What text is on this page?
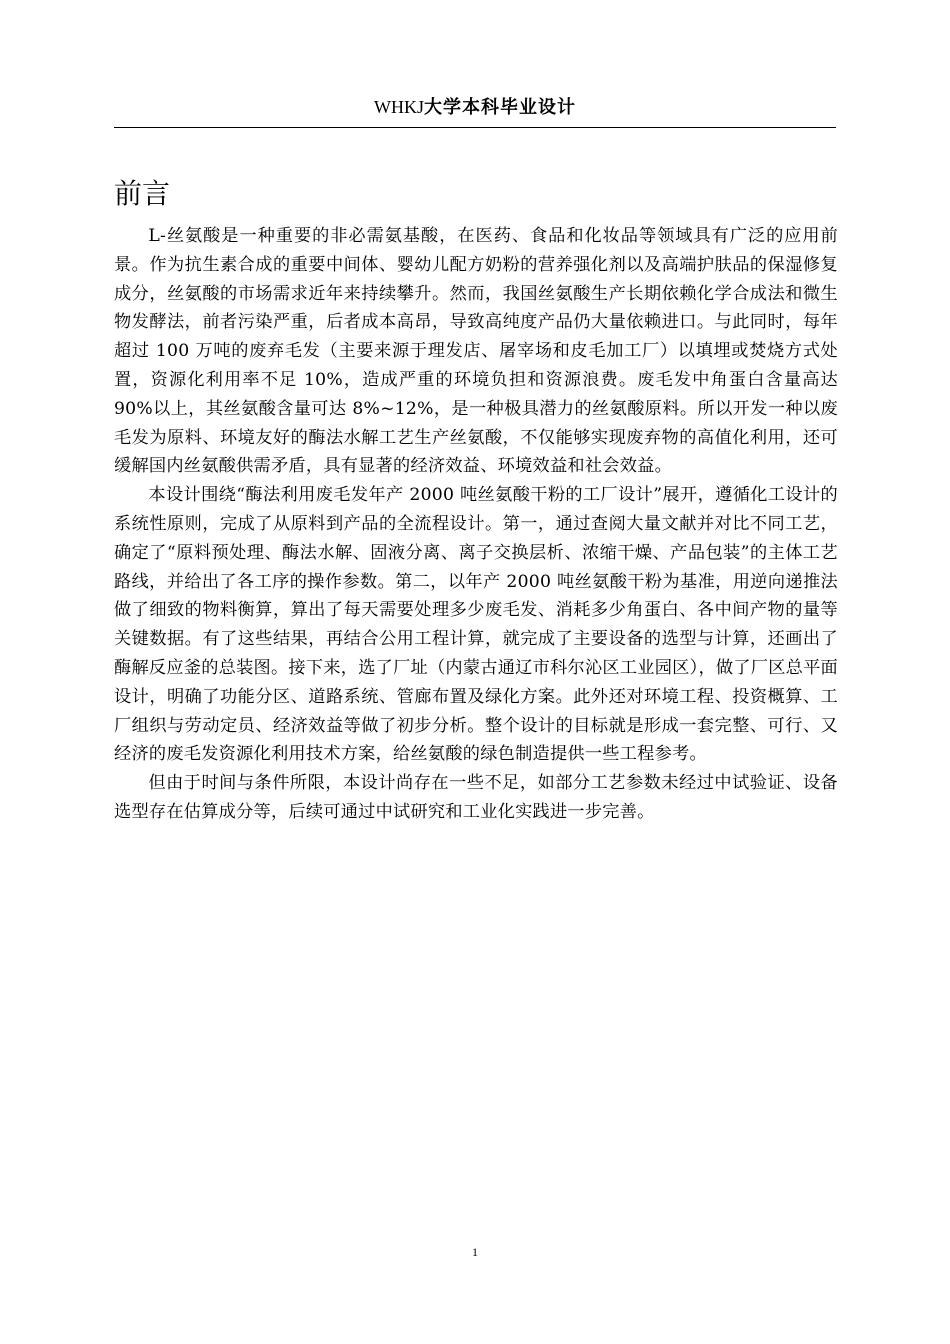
WHKJ大学本科毕业设计
前言

L-丝氨酸是一种重要的非必需氨基酸，在医药、食品和化妆品等领域具有广泛的应用前景。作为抗生素合成的重要中间体、婴幼儿配方奶粉的营养强化剂以及高端护肤品的保湿修复成分，丝氨酸的市场需求近年来持续攀升。然而，我国丝氨酸生产长期依赖化学合成法和微生物发酵法，前者污染严重，后者成本高昂，导致高纯度产品仍大量依赖进口。与此同时，每年超过 100 万吨的废弃毛发（主要来源于理发店、屠宰场和皮毛加工厂）以填埋或焚烧方式处置，资源化利用率不足 10%，造成严重的环境负担和资源浪费。废毛发中角蛋白含量高达 90%以上，其丝氨酸含量可达 8%~12%，是一种极具潜力的丝氨酸原料。所以开发一种以废毛发为原料、环境友好的酶法水解工艺生产丝氨酸，不仅能够实现废弃物的高值化利用，还可缓解国内丝氨酸供需矛盾，具有显著的经济效益、环境效益和社会效益。

本设计围绕“酶法利用废毛发年产 2000 吨丝氨酸干粉的工厂设计”展开，遵循化工设计的系统性原则，完成了从原料到产品的全流程设计。第一，通过查阅大量文献并对比不同工艺，确定了“原料预处理、酶法水解、固液分离、离子交换层析、浓缩干燥、产品包装”的主体工艺路线，并给出了各工序的操作参数。第二，以年产 2000 吨丝氨酸干粉为基准，用逆向递推法做了细致的物料衡算，算出了每天需要处理多少废毛发、消耗多少角蛋白、各中间产物的量等关键数据。有了这些结果，再结合公用工程计算，就完成了主要设备的选型与计算，还画出了酶解反应釜的总装图。接下来，选了厂址（内蒙古通辽市科尔沁区工业园区），做了厂区总平面设计，明确了功能分区、道路系统、管廊布置及绿化方案。此外还对环境工程、投资概算、工厂组织与劳动定员、经济效益等做了初步分析。整个设计的目标就是形成一套完整、可行、又经济的废毛发资源化利用技术方案，给丝氨酸的绿色制造提供一些工程参考。

但由于时间与条件所限，本设计尚存在一些不足，如部分工艺参数未经过中试验证、设备选型存在估算成分等，后续可通过中试研究和工业化实践进一步完善。

1
